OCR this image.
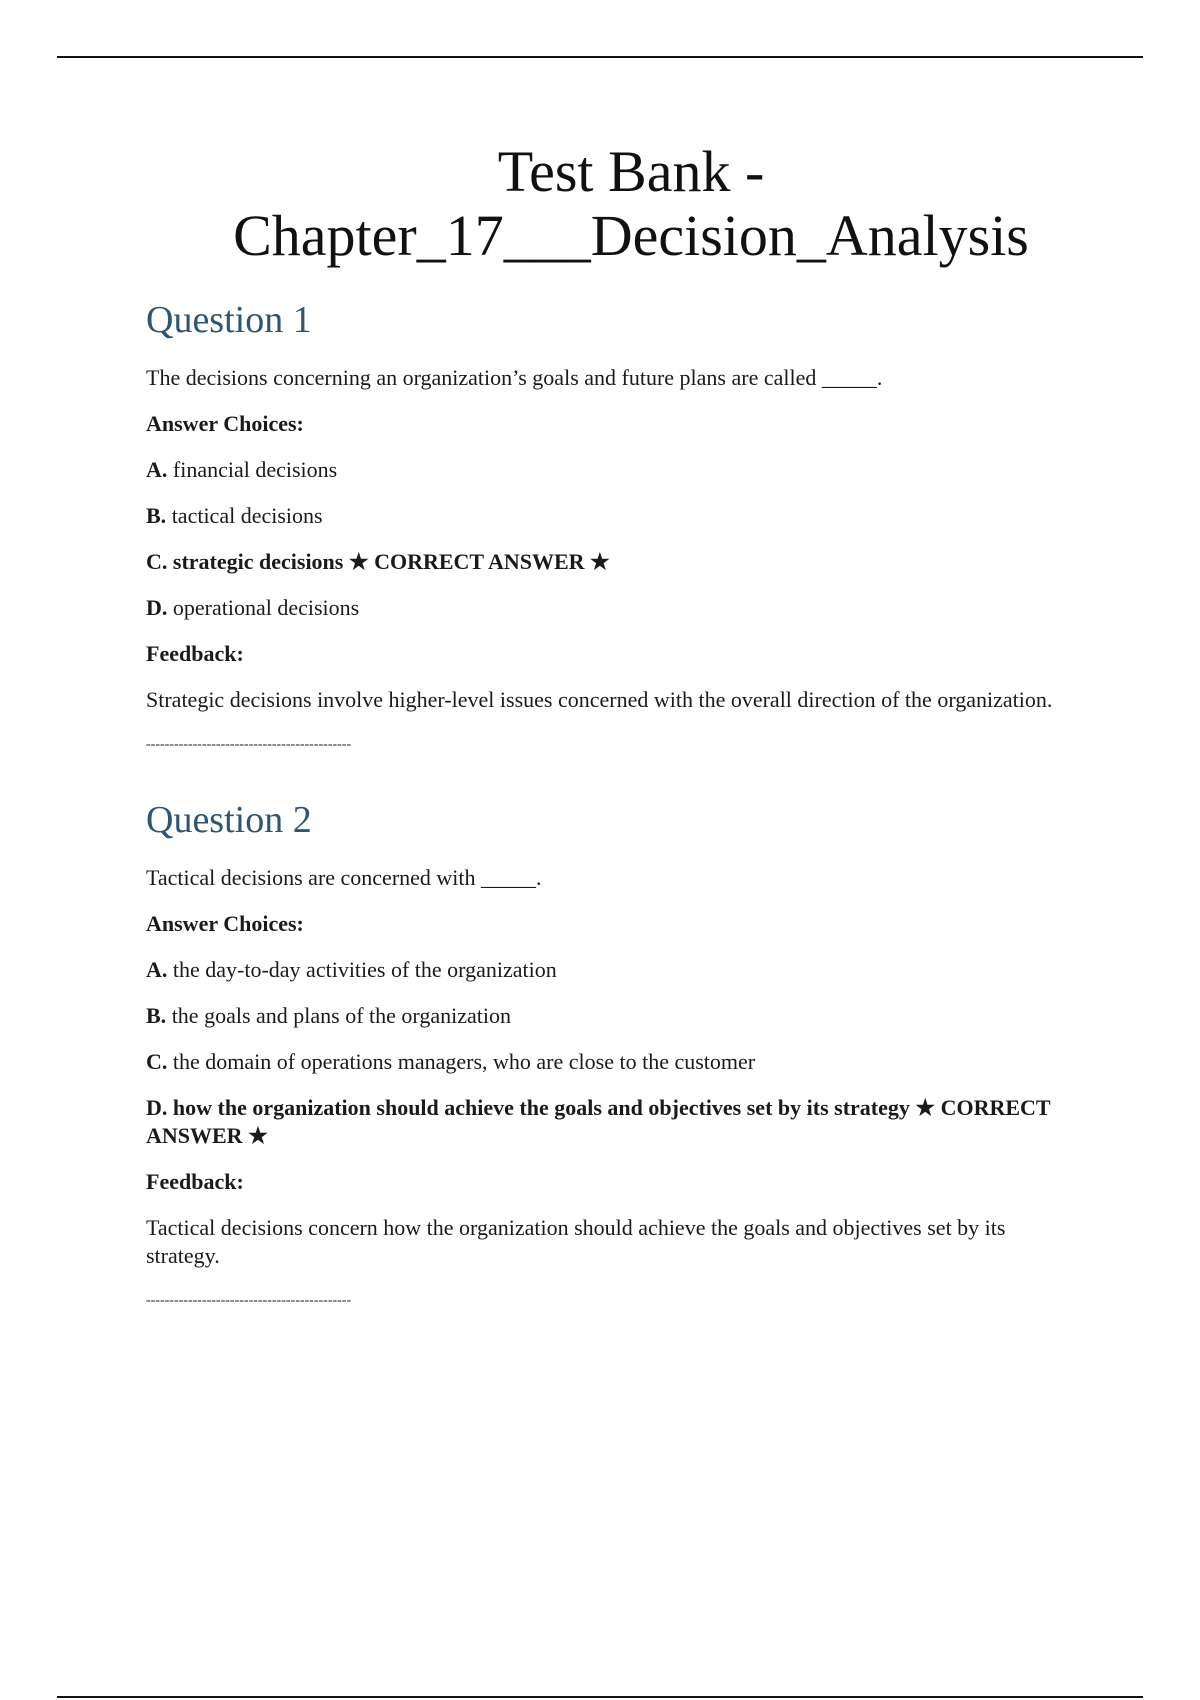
Test Bank -
Chapter_17___Decision_Analysis
Question 1

The decisions concerning an organization’s goals and future plans are called _____.

Answer Choices:

A. financial decisions

B. tactical decisions

C. strategic decisions ★ CORRECT ANSWER ★

D. operational decisions

Feedback:

Strategic decisions involve higher-level issues concerned with the overall direction of the organization.

--------------------------------------------

Question 2

Tactical decisions are concerned with _____.

Answer Choices:

A. the day-to-day activities of the organization

B. the goals and plans of the organization

C. the domain of operations managers, who are close to the customer

D. how the organization should achieve the goals and objectives set by its strategy ★ CORRECT ANSWER ★

Feedback:

Tactical decisions concern how the organization should achieve the goals and objectives set by its strategy.

--------------------------------------------
